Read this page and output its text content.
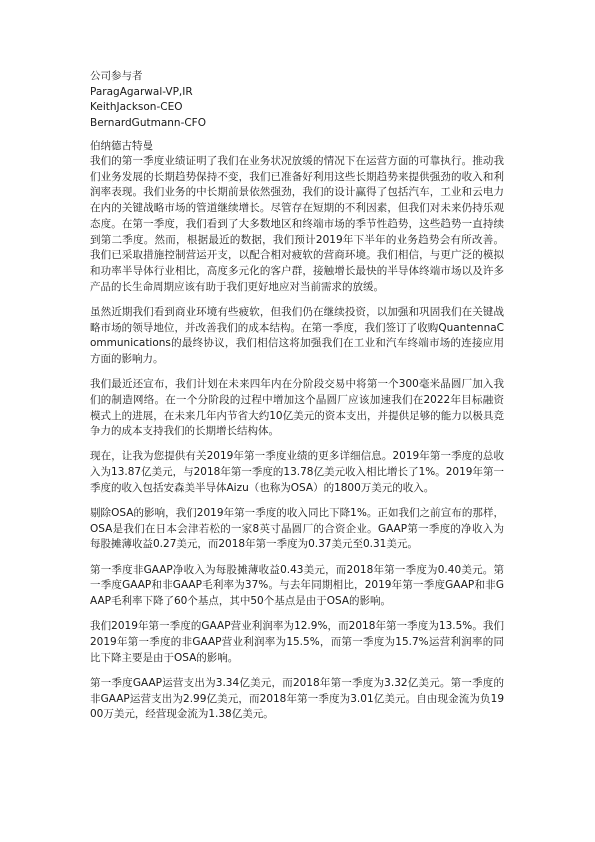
公司参与者
ParagAgarwal-VP,IR
KeithJackson-CEO
BernardGutmann-CFO
伯纳德古特曼

我们的第一季度业绩证明了我们在业务状况放缓的情况下在运营方面的可靠执行。推动我们业务发展的长期趋势保持不变，我们已准备好利用这些长期趋势来提供强劲的收入和利润率表现。我们业务的中长期前景依然强劲，我们的设计赢得了包括汽车，工业和云电力在内的关键战略市场的管道继续增长。尽管存在短期的不利因素，但我们对未来仍持乐观态度。在第一季度，我们看到了大多数地区和终端市场的季节性趋势，这些趋势一直持续到第二季度。然而，根据最近的数据，我们预计2019年下半年的业务趋势会有所改善。我们已采取措施控制营运开支，以配合相对疲软的营商环境。我们相信，与更广泛的模拟和功率半导体行业相比，高度多元化的客户群，接触增长最快的半导体终端市场以及许多产品的长生命周期应该有助于我们更好地应对当前需求的放缓。

虽然近期我们看到商业环境有些疲软，但我们仍在继续投资，以加强和巩固我们在关键战略市场的领导地位，并改善我们的成本结构。在第一季度，我们签订了收购QuantennaCommunications的最终协议，我们相信这将加强我们在工业和汽车终端市场的连接应用方面的影响力。

我们最近还宣布，我们计划在未来四年内在分阶段交易中将第一个300毫米晶圆厂加入我们的制造网络。在一个分阶段的过程中增加这个晶圆厂应该加速我们在2022年目标融资模式上的进展，在未来几年内节省大约10亿美元的资本支出，并提供足够的能力以极具竞争力的成本支持我们的长期增长结构体。

现在，让我为您提供有关2019年第一季度业绩的更多详细信息。2019年第一季度的总收入为13.87亿美元，与2018年第一季度的13.78亿美元收入相比增长了1%。2019年第一季度的收入包括安森美半导体Aizu（也称为OSA）的1800万美元的收入。

剔除OSA的影响，我们2019年第一季度的收入同比下降1%。正如我们之前宣布的那样，OSA是我们在日本会津若松的一家8英寸晶圆厂的合资企业。GAAP第一季度的净收入为每股摊薄收益0.27美元，而2018年第一季度为0.37美元至0.31美元。

第一季度非GAAP净收入为每股摊薄收益0.43美元，而2018年第一季度为0.40美元。第一季度GAAP和非GAAP毛利率为37%。与去年同期相比，2019年第一季度GAAP和非GAAP毛利率下降了60个基点，其中50个基点是由于OSA的影响。

我们2019年第一季度的GAAP营业利润率为12.9%，而2018年第一季度为13.5%。我们2019年第一季度的非GAAP营业利润率为15.5%，而第一季度为15.7%运营利润率的同比下降主要是由于OSA的影响。

第一季度GAAP运营支出为3.34亿美元，而2018年第一季度为3.32亿美元。第一季度的非GAAP运营支出为2.99亿美元，而2018年第一季度为3.01亿美元。自由现金流为负1900万美元，经营现金流为1.38亿美元。
